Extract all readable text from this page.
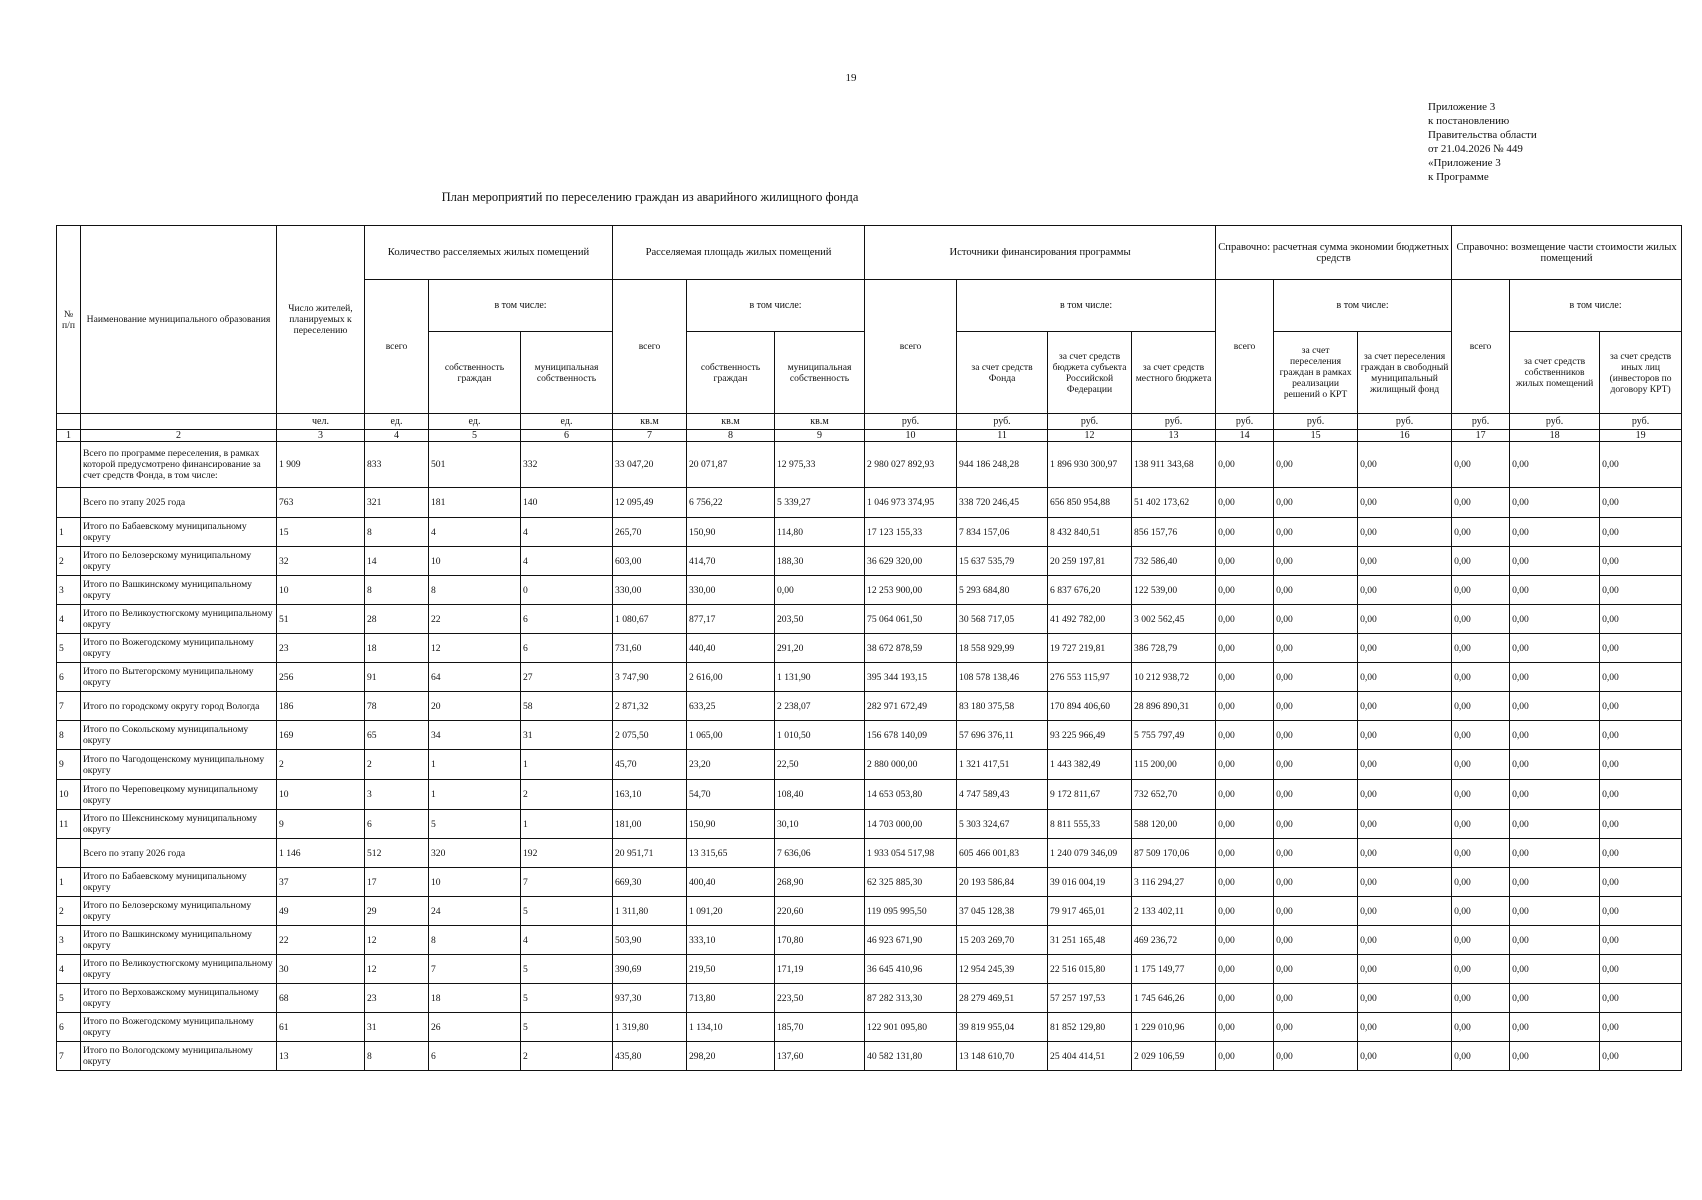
19
Приложение 3
к постановлению
Правительства области
от 21.04.2026 № 449
«Приложение 3
к Программе
План мероприятий по переселению граждан из аварийного жилищного фонда
№ п/п	Наименование муниципального образования	Число жителей, планируемых к переселению	Количество расселяемых жилых помещений			Расселяемая площадь жилых помещений			Источники финансирования программы				Справочно: расчетная сумма экономии бюджетных средств			Справочно: возмещение части стоимости жилых помещений		
			всего	в том числе:		всего	в том числе:		всего	в том числе:			всего	в том числе:		всего	в том числе:	
				собственность граждан	муниципальная собственность		собственность граждан	муниципальная собственность		за счет средств Фонда	за счет средств бюджета субъекта Российской Федерации	за счет средств местного бюджета		за счет переселения граждан в рамках реализации решений о КРТ	за счет переселения граждан в свободный муниципальный жилищный фонд		за счет средств собственников жилых помещений	за счет средств иных лиц (инвесторов по договору КРТ)
		чел.	ед.	ед.	ед.	кв.м	кв.м	кв.м	руб.	руб.	руб.	руб.	руб.	руб.	руб.	руб.	руб.	руб.
1	2	3	4	5	6	7	8	9	10	11	12	13	14	15	16	17	18	19
	Всего по программе переселения, в рамках которой предусмотрено финансирование за счет средств Фонда, в том числе:	1 909	833	501	332	33 047,20	20 071,87	12 975,33	2 980 027 892,93	944 186 248,28	1 896 930 300,97	138 911 343,68	0,00	0,00	0,00	0,00	0,00	0,00
	Всего по этапу 2025 года	763	321	181	140	12 095,49	6 756,22	5 339,27	1 046 973 374,95	338 720 246,45	656 850 954,88	51 402 173,62	0,00	0,00	0,00	0,00	0,00	0,00
1	Итого по Бабаевскому муниципальному округу	15	8	4	4	265,70	150,90	114,80	17 123 155,33	7 834 157,06	8 432 840,51	856 157,76	0,00	0,00	0,00	0,00	0,00	0,00
2	Итого по Белозерскому муниципальному округу	32	14	10	4	603,00	414,70	188,30	36 629 320,00	15 637 535,79	20 259 197,81	732 586,40	0,00	0,00	0,00	0,00	0,00	0,00
3	Итого по Вашкинскому муниципальному округу	10	8	8	0	330,00	330,00	0,00	12 253 900,00	5 293 684,80	6 837 676,20	122 539,00	0,00	0,00	0,00	0,00	0,00	0,00
4	Итого по Великоустюгскому муниципальному округу	51	28	22	6	1 080,67	877,17	203,50	75 064 061,50	30 568 717,05	41 492 782,00	3 002 562,45	0,00	0,00	0,00	0,00	0,00	0,00
5	Итого по Вожегодскому муниципальному округу	23	18	12	6	731,60	440,40	291,20	38 672 878,59	18 558 929,99	19 727 219,81	386 728,79	0,00	0,00	0,00	0,00	0,00	0,00
6	Итого по Вытегорскому муниципальному округу	256	91	64	27	3 747,90	2 616,00	1 131,90	395 344 193,15	108 578 138,46	276 553 115,97	10 212 938,72	0,00	0,00	0,00	0,00	0,00	0,00
7	Итого по городскому округу город Вологда	186	78	20	58	2 871,32	633,25	2 238,07	282 971 672,49	83 180 375,58	170 894 406,60	28 896 890,31	0,00	0,00	0,00	0,00	0,00	0,00
8	Итого по Сокольскому муниципальному округу	169	65	34	31	2 075,50	1 065,00	1 010,50	156 678 140,09	57 696 376,11	93 225 966,49	5 755 797,49	0,00	0,00	0,00	0,00	0,00	0,00
9	Итого по Чагодощенскому муниципальному округу	2	2	1	1	45,70	23,20	22,50	2 880 000,00	1 321 417,51	1 443 382,49	115 200,00	0,00	0,00	0,00	0,00	0,00	0,00
10	Итого по Череповецкому муниципальному округу	10	3	1	2	163,10	54,70	108,40	14 653 053,80	4 747 589,43	9 172 811,67	732 652,70	0,00	0,00	0,00	0,00	0,00	0,00
11	Итого по Шекснинскому муниципальному округу	9	6	5	1	181,00	150,90	30,10	14 703 000,00	5 303 324,67	8 811 555,33	588 120,00	0,00	0,00	0,00	0,00	0,00	0,00
	Всего по этапу 2026 года	1 146	512	320	192	20 951,71	13 315,65	7 636,06	1 933 054 517,98	605 466 001,83	1 240 079 346,09	87 509 170,06	0,00	0,00	0,00	0,00	0,00	0,00
1	Итого по Бабаевскому муниципальному округу	37	17	10	7	669,30	400,40	268,90	62 325 885,30	20 193 586,84	39 016 004,19	3 116 294,27	0,00	0,00	0,00	0,00	0,00	0,00
2	Итого по Белозерскому муниципальному округу	49	29	24	5	1 311,80	1 091,20	220,60	119 095 995,50	37 045 128,38	79 917 465,01	2 133 402,11	0,00	0,00	0,00	0,00	0,00	0,00
3	Итого по Вашкинскому муниципальному округу	22	12	8	4	503,90	333,10	170,80	46 923 671,90	15 203 269,70	31 251 165,48	469 236,72	0,00	0,00	0,00	0,00	0,00	0,00
4	Итого по Великоустюгскому муниципальному округу	30	12	7	5	390,69	219,50	171,19	36 645 410,96	12 954 245,39	22 516 015,80	1 175 149,77	0,00	0,00	0,00	0,00	0,00	0,00
5	Итого по Верховажскому муниципальному округу	68	23	18	5	937,30	713,80	223,50	87 282 313,30	28 279 469,51	57 257 197,53	1 745 646,26	0,00	0,00	0,00	0,00	0,00	0,00
6	Итого по Вожегодскому муниципальному округу	61	31	26	5	1 319,80	1 134,10	185,70	122 901 095,80	39 819 955,04	81 852 129,80	1 229 010,96	0,00	0,00	0,00	0,00	0,00	0,00
7	Итого по Вологодскому муниципальному округу	13	8	6	2	435,80	298,20	137,60	40 582 131,80	13 148 610,70	25 404 414,51	2 029 106,59	0,00	0,00	0,00	0,00	0,00	0,00
